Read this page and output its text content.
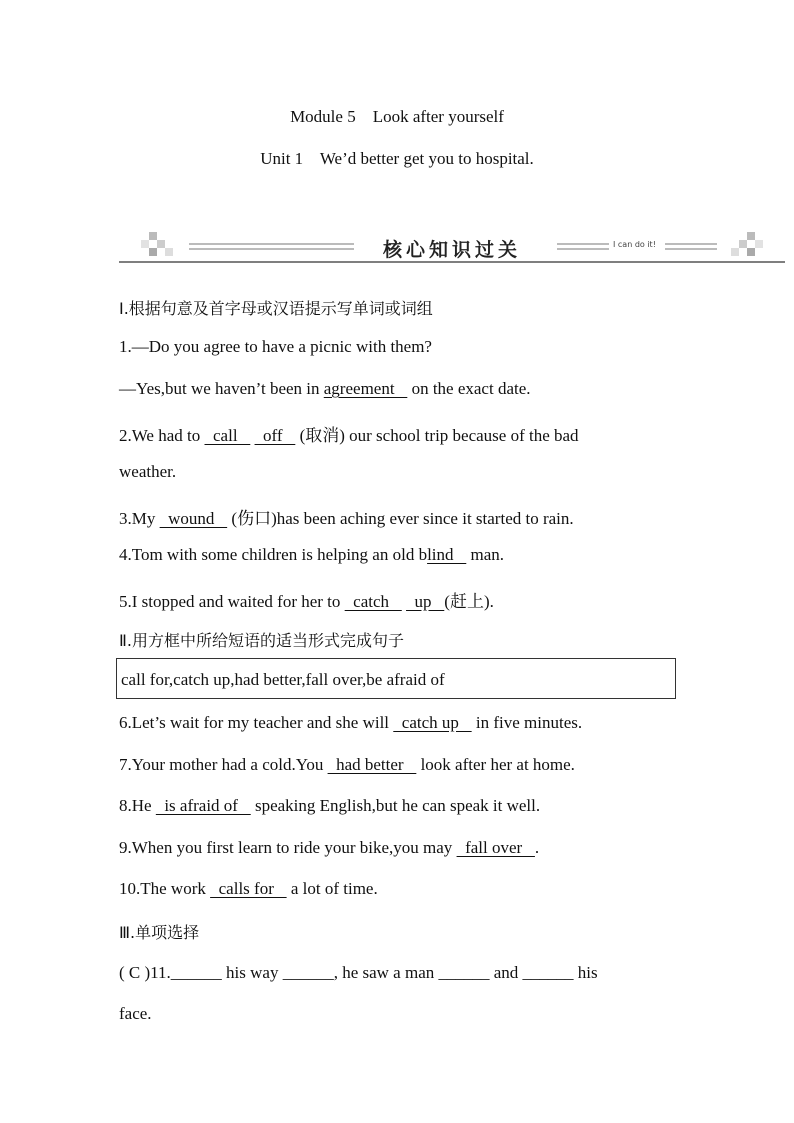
Module 5    Look after yourself
Unit 1    We’d better get you to hospital.
核心知识过关	I can do it!
Ⅰ.根据句意及首字母或汉语提示写单词或词组
1.—Do you agree to have a picnic with them?
—Yes,but we haven’t been in agreement    on the exact date.
2.We had to   call      off    (取消) our school trip because of the bad
weather.
3.My   wound    (伤口)has been aching ever since it started to rain.
4.Tom with some children is helping an old blind    man.
5.I stopped and waited for her to   catch      up   (赶上).
Ⅱ.用方框中所给短语的适当形式完成句子
call for,catch up,had better,fall over,be afraid of
6.Let’s wait for my teacher and she will   catch up    in five minutes.
7.Your mother had a cold.You   had better    look after her at home.
8.He   is afraid of    speaking English,but he can speak it well.
9.When you first learn to ride your bike,you may   fall over   .
10.The work   calls for    a lot of time.
Ⅲ.单项选择
( C )11.______ his way ______, he saw a man ______ and ______ his
face.
